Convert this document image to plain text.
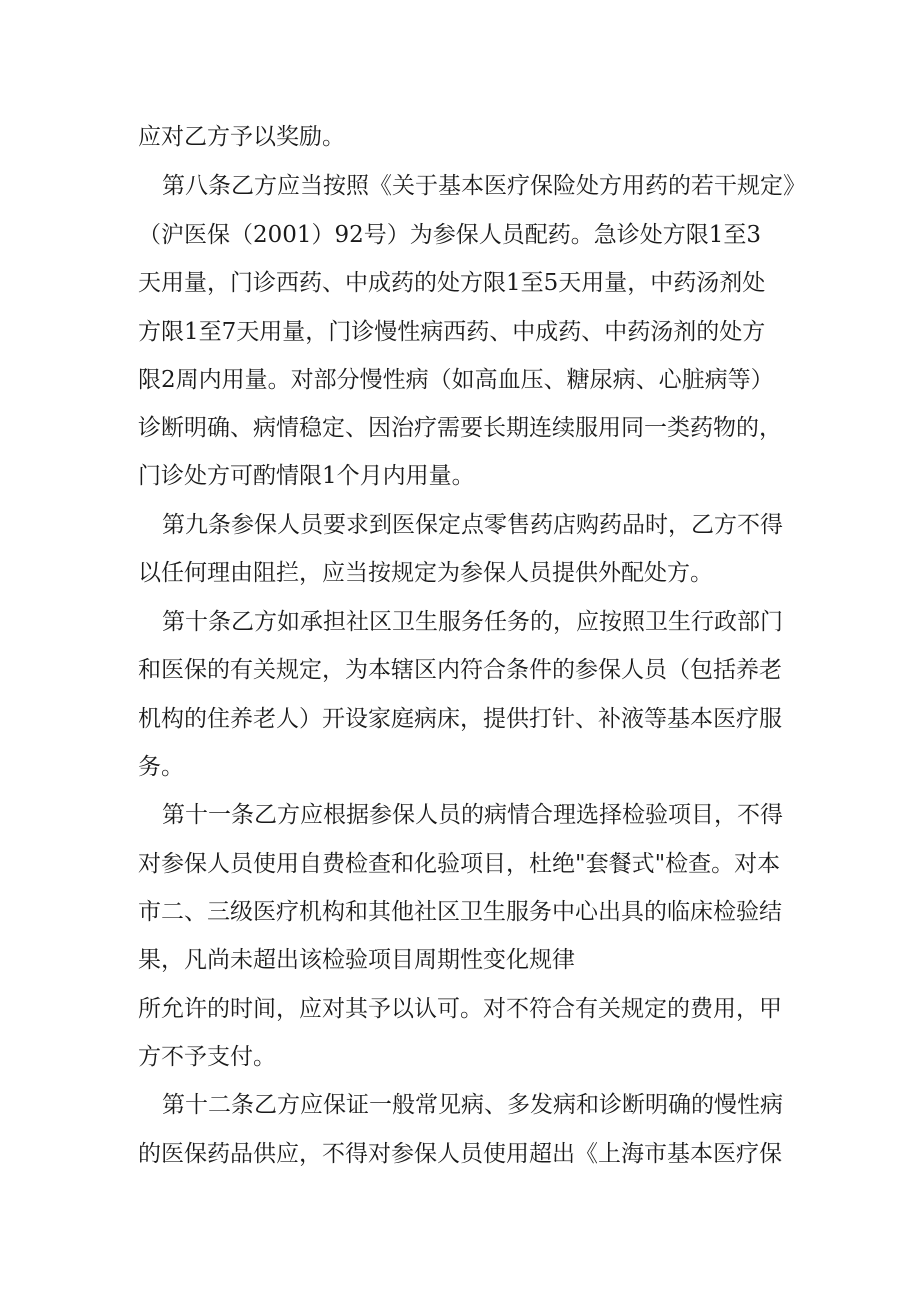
应对乙方予以奖励。

第八条乙方应当按照《关于基本医疗保险处方用药的若干规定》

（沪医保（2001）92号）为参保人员配药。急诊处方限1至3

天用量，门诊西药、中成药的处方限1至5天用量，中药汤剂处

方限1至7天用量，门诊慢性病西药、中成药、中药汤剂的处方

限2周内用量。对部分慢性病（如高血压、糖尿病、心脏病等）

诊断明确、病情稳定、因治疗需要长期连续服用同一类药物的，

门诊处方可酌情限1个月内用量。

第九条参保人员要求到医保定点零售药店购药品时，乙方不得

以任何理由阻拦，应当按规定为参保人员提供外配处方。

第十条乙方如承担社区卫生服务任务的，应按照卫生行政部门

和医保的有关规定，为本辖区内符合条件的参保人员（包括养老

机构的住养老人）开设家庭病床，提供打针、补液等基本医疗服

务。

第十一条乙方应根据参保人员的病情合理选择检验项目，不得

对参保人员使用自费检查和化验项目，杜绝"套餐式"检查。对本

市二、三级医疗机构和其他社区卫生服务中心出具的临床检验结

果，凡尚未超出该检验项目周期性变化规律

所允许的时间，应对其予以认可。对不符合有关规定的费用，甲

方不予支付。

第十二条乙方应保证一般常见病、多发病和诊断明确的慢性病

的医保药品供应，不得对参保人员使用超出《上海市基本医疗保
